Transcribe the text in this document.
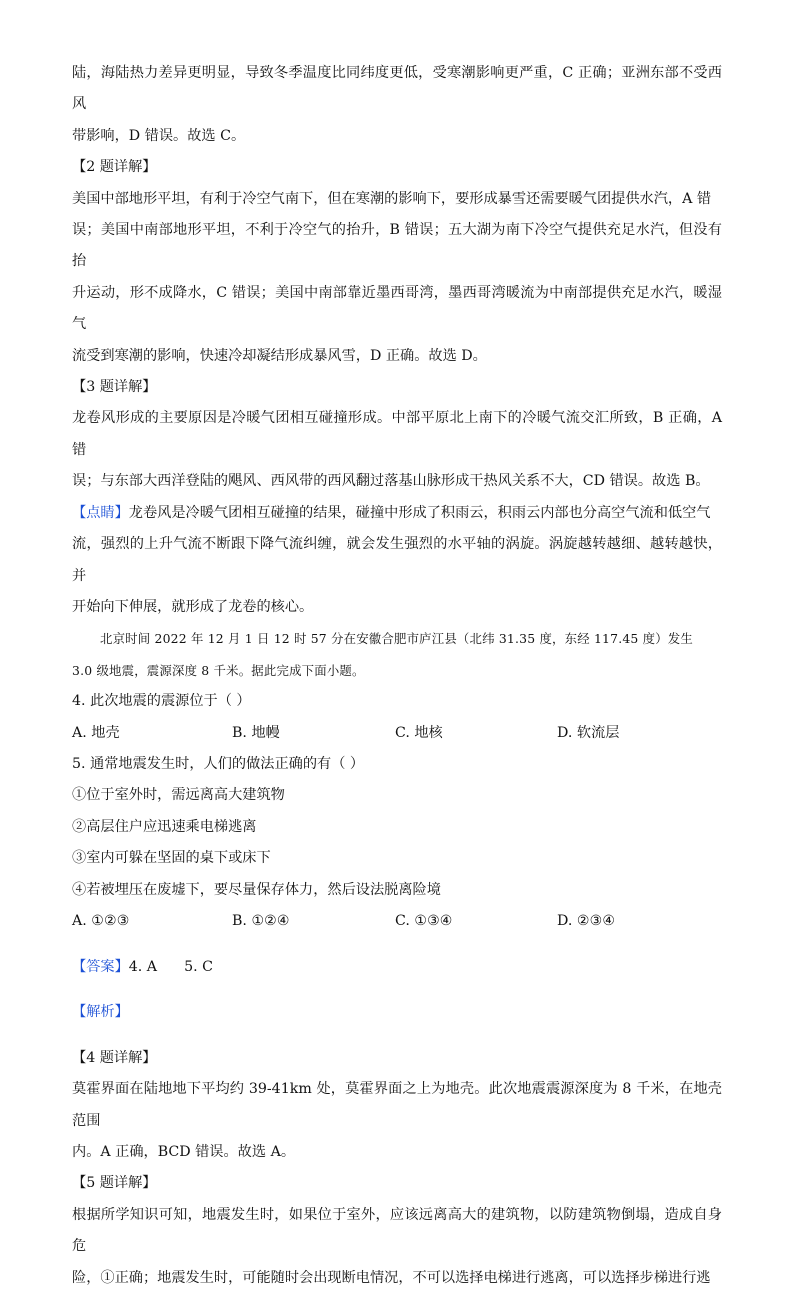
陆，海陆热力差异更明显，导致冬季温度比同纬度更低，受寒潮影响更严重，C 正确；亚洲东部不受西风

带影响，D 错误。故选 C。

【2 题详解】

美国中部地形平坦，有利于冷空气南下，但在寒潮的影响下，要形成暴雪还需要暖气团提供水汽，A 错

误；美国中南部地形平坦，不利于冷空气的抬升，B 错误；五大湖为南下冷空气提供充足水汽，但没有抬

升运动，形不成降水，C 错误；美国中南部靠近墨西哥湾，墨西哥湾暖流为中南部提供充足水汽，暖湿气

流受到寒潮的影响，快速冷却凝结形成暴风雪，D 正确。故选 D。

【3 题详解】

龙卷风形成的主要原因是冷暖气团相互碰撞形成。中部平原北上南下的冷暖气流交汇所致，B 正确，A 错

误；与东部大西洋登陆的飓风、西风带的西风翻过落基山脉形成干热风关系不大，CD 错误。故选 B。

【点睛】龙卷风是冷暖气团相互碰撞的结果，碰撞中形成了积雨云，积雨云内部也分高空气流和低空气

流，强烈的上升气流不断跟下降气流纠缠，就会发生强烈的水平轴的涡旋。涡旋越转越细、越转越快，并

开始向下伸展，就形成了龙卷的核心。

北京时间 2022 年 12 月 1 日 12 时 57 分在安徽合肥市庐江县（北纬 31.35 度，东经 117.45 度）发生

3.0 级地震，震源深度 8 千米。据此完成下面小题。

4. 此次地震的震源位于（ ）

A. 地壳	B. 地幔	C. 地核	D. 软流层

5. 通常地震发生时，人们的做法正确的有（ ）

①位于室外时，需远离高大建筑物

②高层住户应迅速乘电梯逃离

③室内可躲在坚固的桌下或床下

④若被埋压在废墟下，要尽量保存体力，然后设法脱离险境

A. ①②③	B. ①②④	C. ①③④	D. ②③④

【答案】4. A      5. C

【解析】

【4 题详解】

莫霍界面在陆地地下平均约 39-41km 处，莫霍界面之上为地壳。此次地震震源深度为 8 千米，在地壳范围

内。A 正确，BCD 错误。故选 A。

【5 题详解】

根据所学知识可知，地震发生时，如果位于室外，应该远离高大的建筑物，以防建筑物倒塌，造成自身危

险，①正确；地震发生时，可能随时会出现断电情况，不可以选择电梯进行逃离，可以选择步梯进行逃
